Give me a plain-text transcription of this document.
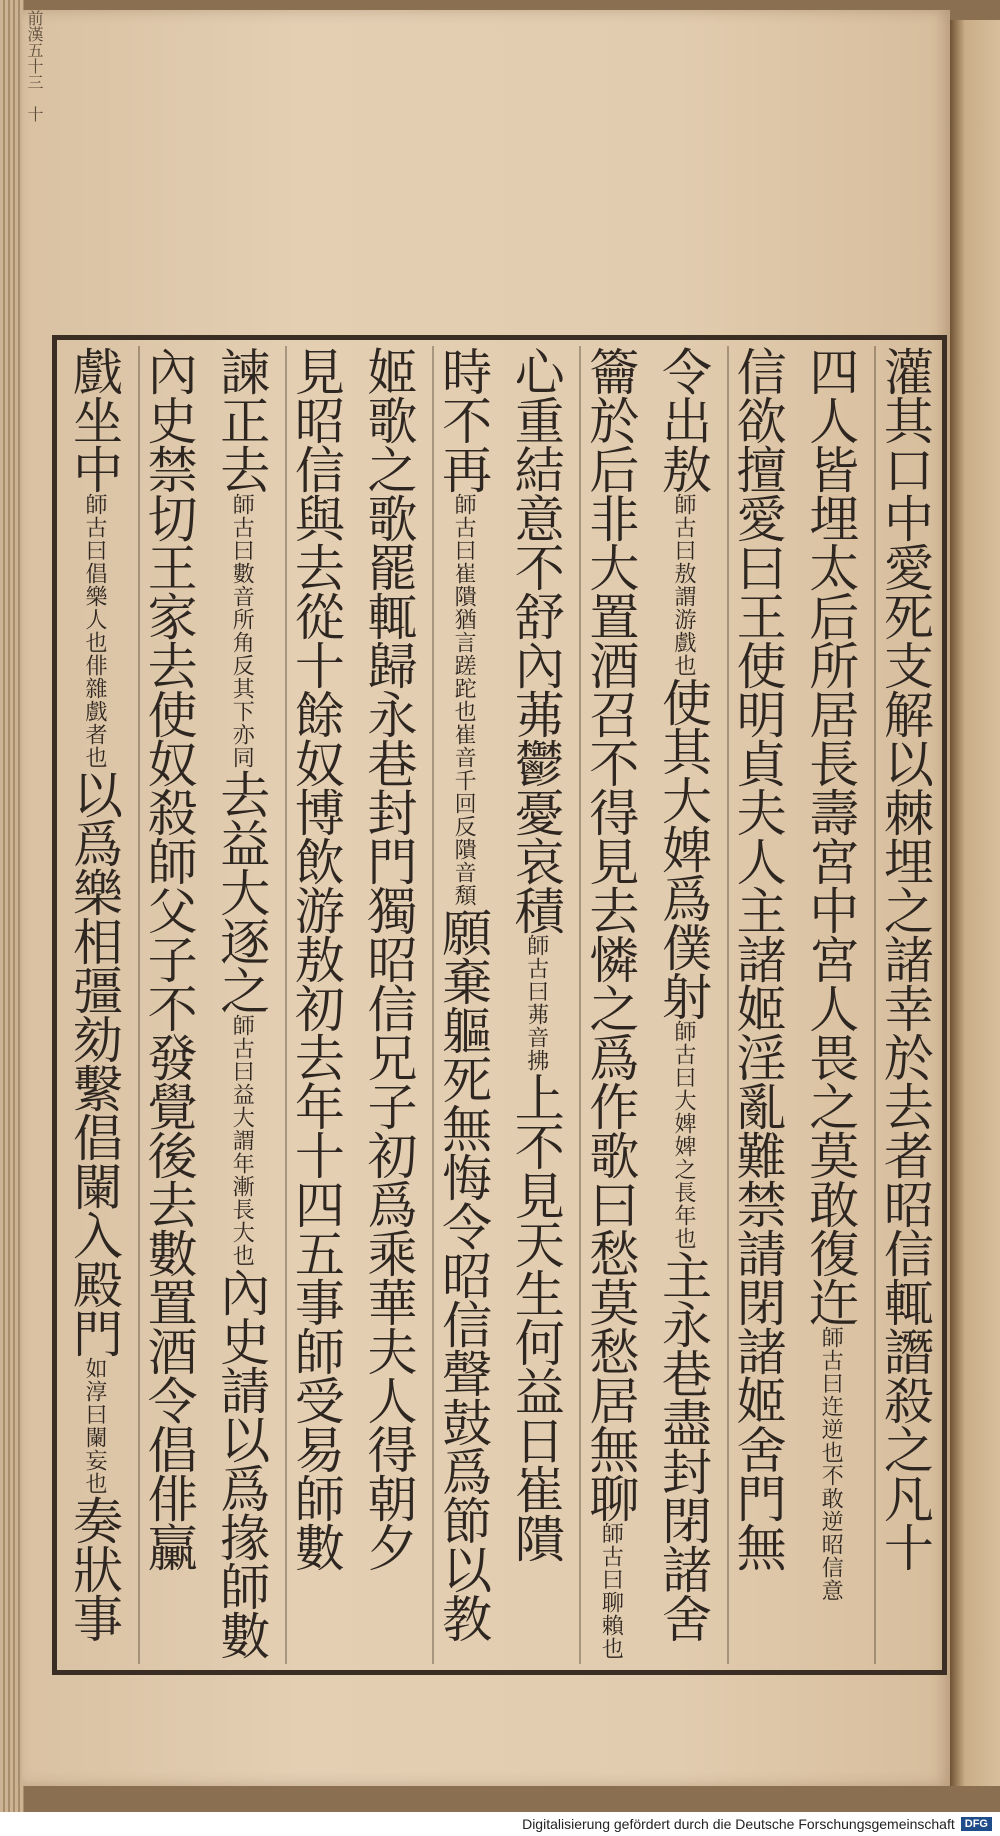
前漢五十三　十
灌其口中愛死支解以棘埋之諸幸於去者昭信輒譖殺之凡十
四人皆埋太后所居長壽宮中宮人畏之莫敢復迕師古曰迕逆也不敢逆昭信意
信欲擅愛曰王使明貞夫人主諸姬淫亂難禁請閉諸姬舍門無
令出敖師古曰敖謂游戲也使其大婢爲僕射師古曰大婢婢之長年也主永巷盡封閉諸舍
籥於后非大置酒召不得見去憐之爲作歌曰愁莫愁居無聊師古曰聊賴也
心重結意不舒內茀鬱憂哀積師古曰茀音拂上不見天生何益日崔隤
時不再師古曰崔隤猶言蹉跎也崔音千回反隤音頽願棄軀死無悔令昭信聲鼓爲節以教
姬歌之歌罷輒歸永巷封門獨昭信兄子初爲乘華夫人得朝夕
見昭信與去從十餘奴博飲游敖初去年十四五事師受易師數
諫正去師古曰數音所角反其下亦同去益大逐之師古曰益大謂年漸長大也內史請以爲掾師數
內史禁切王家去使奴殺師父子不發覺後去數置酒令倡俳臝
戲坐中師古曰倡樂人也俳雜戲者也以爲樂相彊劾繫倡闌入殿門如淳曰闌妄也奏狀事
Digitalisierung gefördert durch die Deutsche Forschungsgemeinschaft DFG
